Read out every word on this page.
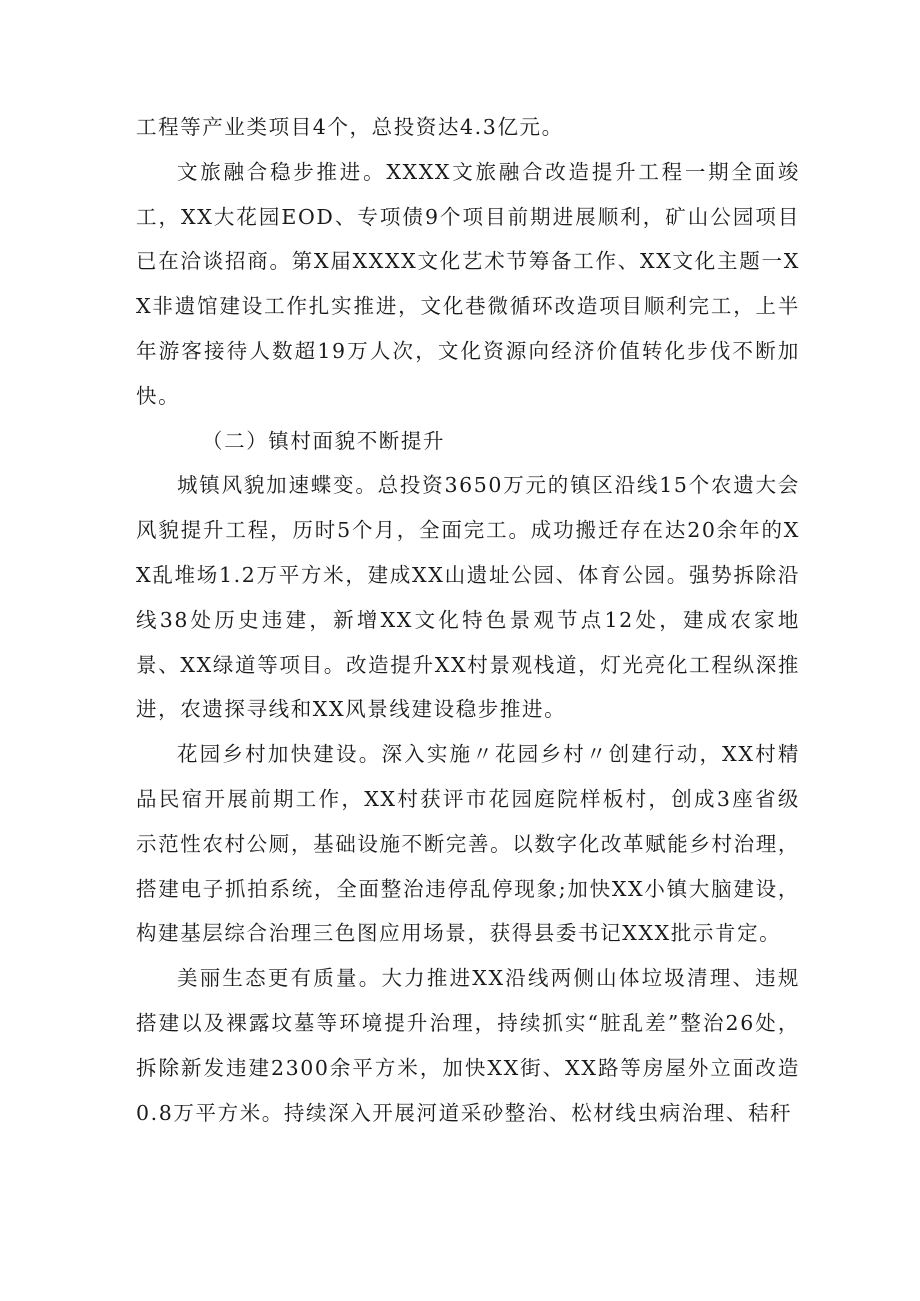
工程等产业类项目4个，总投资达4.3亿元。

文旅融合稳步推进。XXXX文旅融合改造提升工程一期全面竣工，XX大花园EOD、专项债9个项目前期进展顺利，矿山公园项目已在洽谈招商。第X届XXXX文化艺术节筹备工作、XX文化主题一XX非遗馆建设工作扎实推进，文化巷微循环改造项目顺利完工，上半年游客接待人数超19万人次，文化资源向经济价值转化步伐不断加快。

（二）镇村面貌不断提升

城镇风貌加速蝶变。总投资3650万元的镇区沿线15个农遗大会风貌提升工程，历时5个月，全面完工。成功搬迁存在达20余年的XX乱堆场1.2万平方米，建成XX山遗址公园、体育公园。强势拆除沿线38处历史违建，新增XX文化特色景观节点12处，建成农家地景、XX绿道等项目。改造提升XX村景观栈道，灯光亮化工程纵深推进，农遗探寻线和XX风景线建设稳步推进。

花园乡村加快建设。深入实施〃花园乡村〃创建行动，XX村精品民宿开展前期工作，XX村获评市花园庭院样板村，创成3座省级示范性农村公厕，基础设施不断完善。以数字化改革赋能乡村治理，搭建电子抓拍系统，全面整治违停乱停现象;加快XX小镇大脑建设，构建基层综合治理三色图应用场景，获得县委书记XXX批示肯定。

美丽生态更有质量。大力推进XX沿线两侧山体垃圾清理、违规搭建以及裸露坟墓等环境提升治理，持续抓实“脏乱差”整治26处，拆除新发违建2300余平方米，加快XX街、XX路等房屋外立面改造0.8万平方米。持续深入开展河道采砂整治、松材线虫病治理、秸秆
